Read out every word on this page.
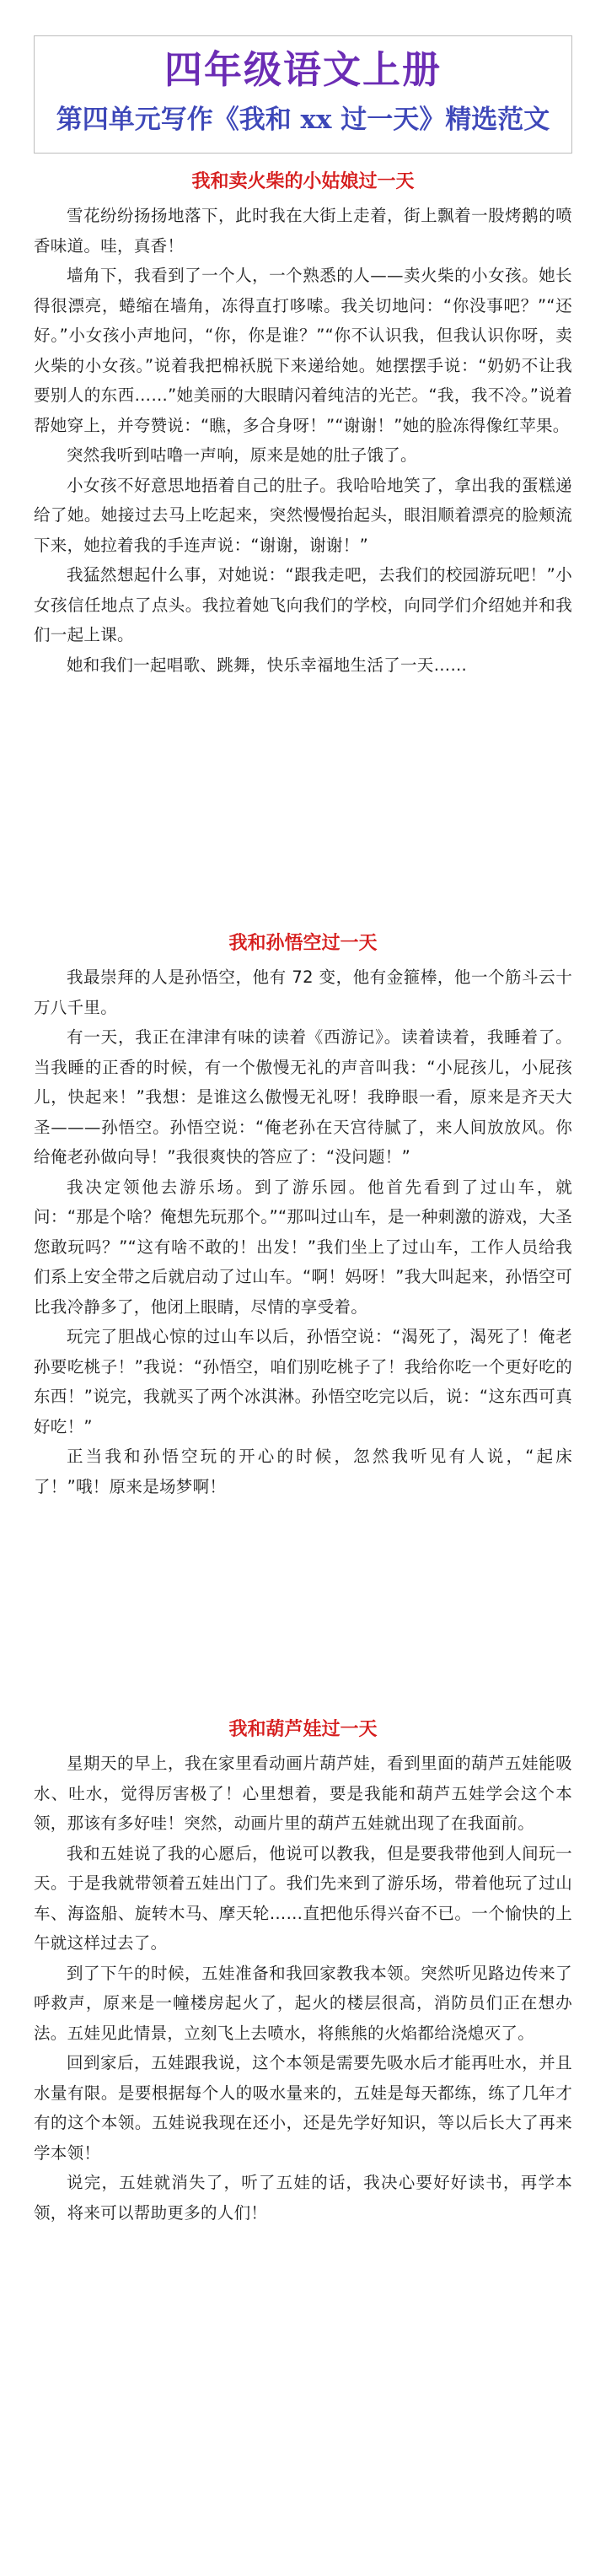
四年级语文上册
第四单元写作《我和 xx 过一天》精选范文
我和卖火柴的小姑娘过一天

雪花纷纷扬扬地落下，此时我在大街上走着，街上飘着一股烤鹅的喷香味道。哇，真香！

墙角下，我看到了一个人，一个熟悉的人——卖火柴的小女孩。她长得很漂亮，蜷缩在墙角，冻得直打哆嗦。我关切地问：“你没事吧？”“还好。”小女孩小声地问，“你，你是谁？”“你不认识我，但我认识你呀，卖火柴的小女孩。”说着我把棉袄脱下来递给她。她摆摆手说：“奶奶不让我要别人的东西……”她美丽的大眼睛闪着纯洁的光芒。“我，我不冷。”说着帮她穿上，并夸赞说：“瞧，多合身呀！”“谢谢！”她的脸冻得像红苹果。

突然我听到咕噜一声响，原来是她的肚子饿了。

小女孩不好意思地捂着自己的肚子。我哈哈地笑了，拿出我的蛋糕递给了她。她接过去马上吃起来，突然慢慢抬起头，眼泪顺着漂亮的脸颊流下来，她拉着我的手连声说：“谢谢，谢谢！”

我猛然想起什么事，对她说：“跟我走吧，去我们的校园游玩吧！”小女孩信任地点了点头。我拉着她飞向我们的学校，向同学们介绍她并和我们一起上课。

她和我们一起唱歌、跳舞，快乐幸福地生活了一天……

我和孙悟空过一天

我最崇拜的人是孙悟空，他有 72 变，他有金箍棒，他一个筋斗云十万八千里。

有一天，我正在津津有味的读着《西游记》。读着读着，我睡着了。当我睡的正香的时候，有一个傲慢无礼的声音叫我：“小屁孩儿，小屁孩儿，快起来！”我想：是谁这么傲慢无礼呀！我睁眼一看，原来是齐天大圣———孙悟空。孙悟空说：“俺老孙在天宫待腻了，来人间放放风。你给俺老孙做向导！”我很爽快的答应了：“没问题！”

我决定领他去游乐场。到了游乐园。他首先看到了过山车，就问：“那是个啥？俺想先玩那个。”“那叫过山车，是一种刺激的游戏，大圣您敢玩吗？”“这有啥不敢的！出发！”我们坐上了过山车，工作人员给我们系上安全带之后就启动了过山车。“啊！妈呀！”我大叫起来，孙悟空可比我冷静多了，他闭上眼睛，尽情的享受着。

玩完了胆战心惊的过山车以后，孙悟空说：“渴死了，渴死了！俺老孙要吃桃子！”我说：“孙悟空，咱们别吃桃子了！我给你吃一个更好吃的东西！”说完，我就买了两个冰淇淋。孙悟空吃完以后，说：“这东西可真好吃！”

正当我和孙悟空玩的开心的时候，忽然我听见有人说，“起床了！”哦！原来是场梦啊！

我和葫芦娃过一天

星期天的早上，我在家里看动画片葫芦娃，看到里面的葫芦五娃能吸水、吐水，觉得厉害极了！心里想着，要是我能和葫芦五娃学会这个本领，那该有多好哇！突然，动画片里的葫芦五娃就出现了在我面前。

我和五娃说了我的心愿后，他说可以教我，但是要我带他到人间玩一天。于是我就带领着五娃出门了。我们先来到了游乐场，带着他玩了过山车、海盗船、旋转木马、摩天轮……直把他乐得兴奋不已。一个愉快的上午就这样过去了。

到了下午的时候，五娃准备和我回家教我本领。突然听见路边传来了呼救声，原来是一幢楼房起火了，起火的楼层很高，消防员们正在想办法。五娃见此情景，立刻飞上去喷水，将熊熊的火焰都给浇熄灭了。

回到家后，五娃跟我说，这个本领是需要先吸水后才能再吐水，并且水量有限。是要根据每个人的吸水量来的，五娃是每天都练，练了几年才有的这个本领。五娃说我现在还小，还是先学好知识，等以后长大了再来学本领！

说完，五娃就消失了，听了五娃的话，我决心要好好读书，再学本领，将来可以帮助更多的人们！
